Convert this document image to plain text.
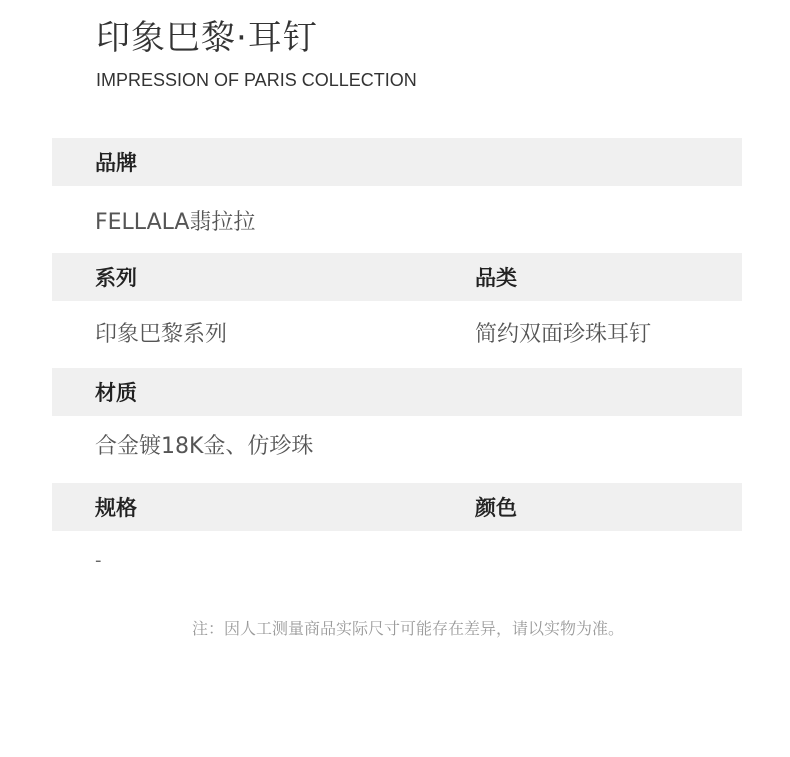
印象巴黎·耳钉
IMPRESSION OF PARIS COLLECTION
品牌
FELLALA翡拉拉
系列	品类
印象巴黎系列	简约双面珍珠耳钉
材质
合金镀18K金、仿珍珠
规格	颜色
-
注：因人工测量商品实际尺寸可能存在差异，请以实物为准。
